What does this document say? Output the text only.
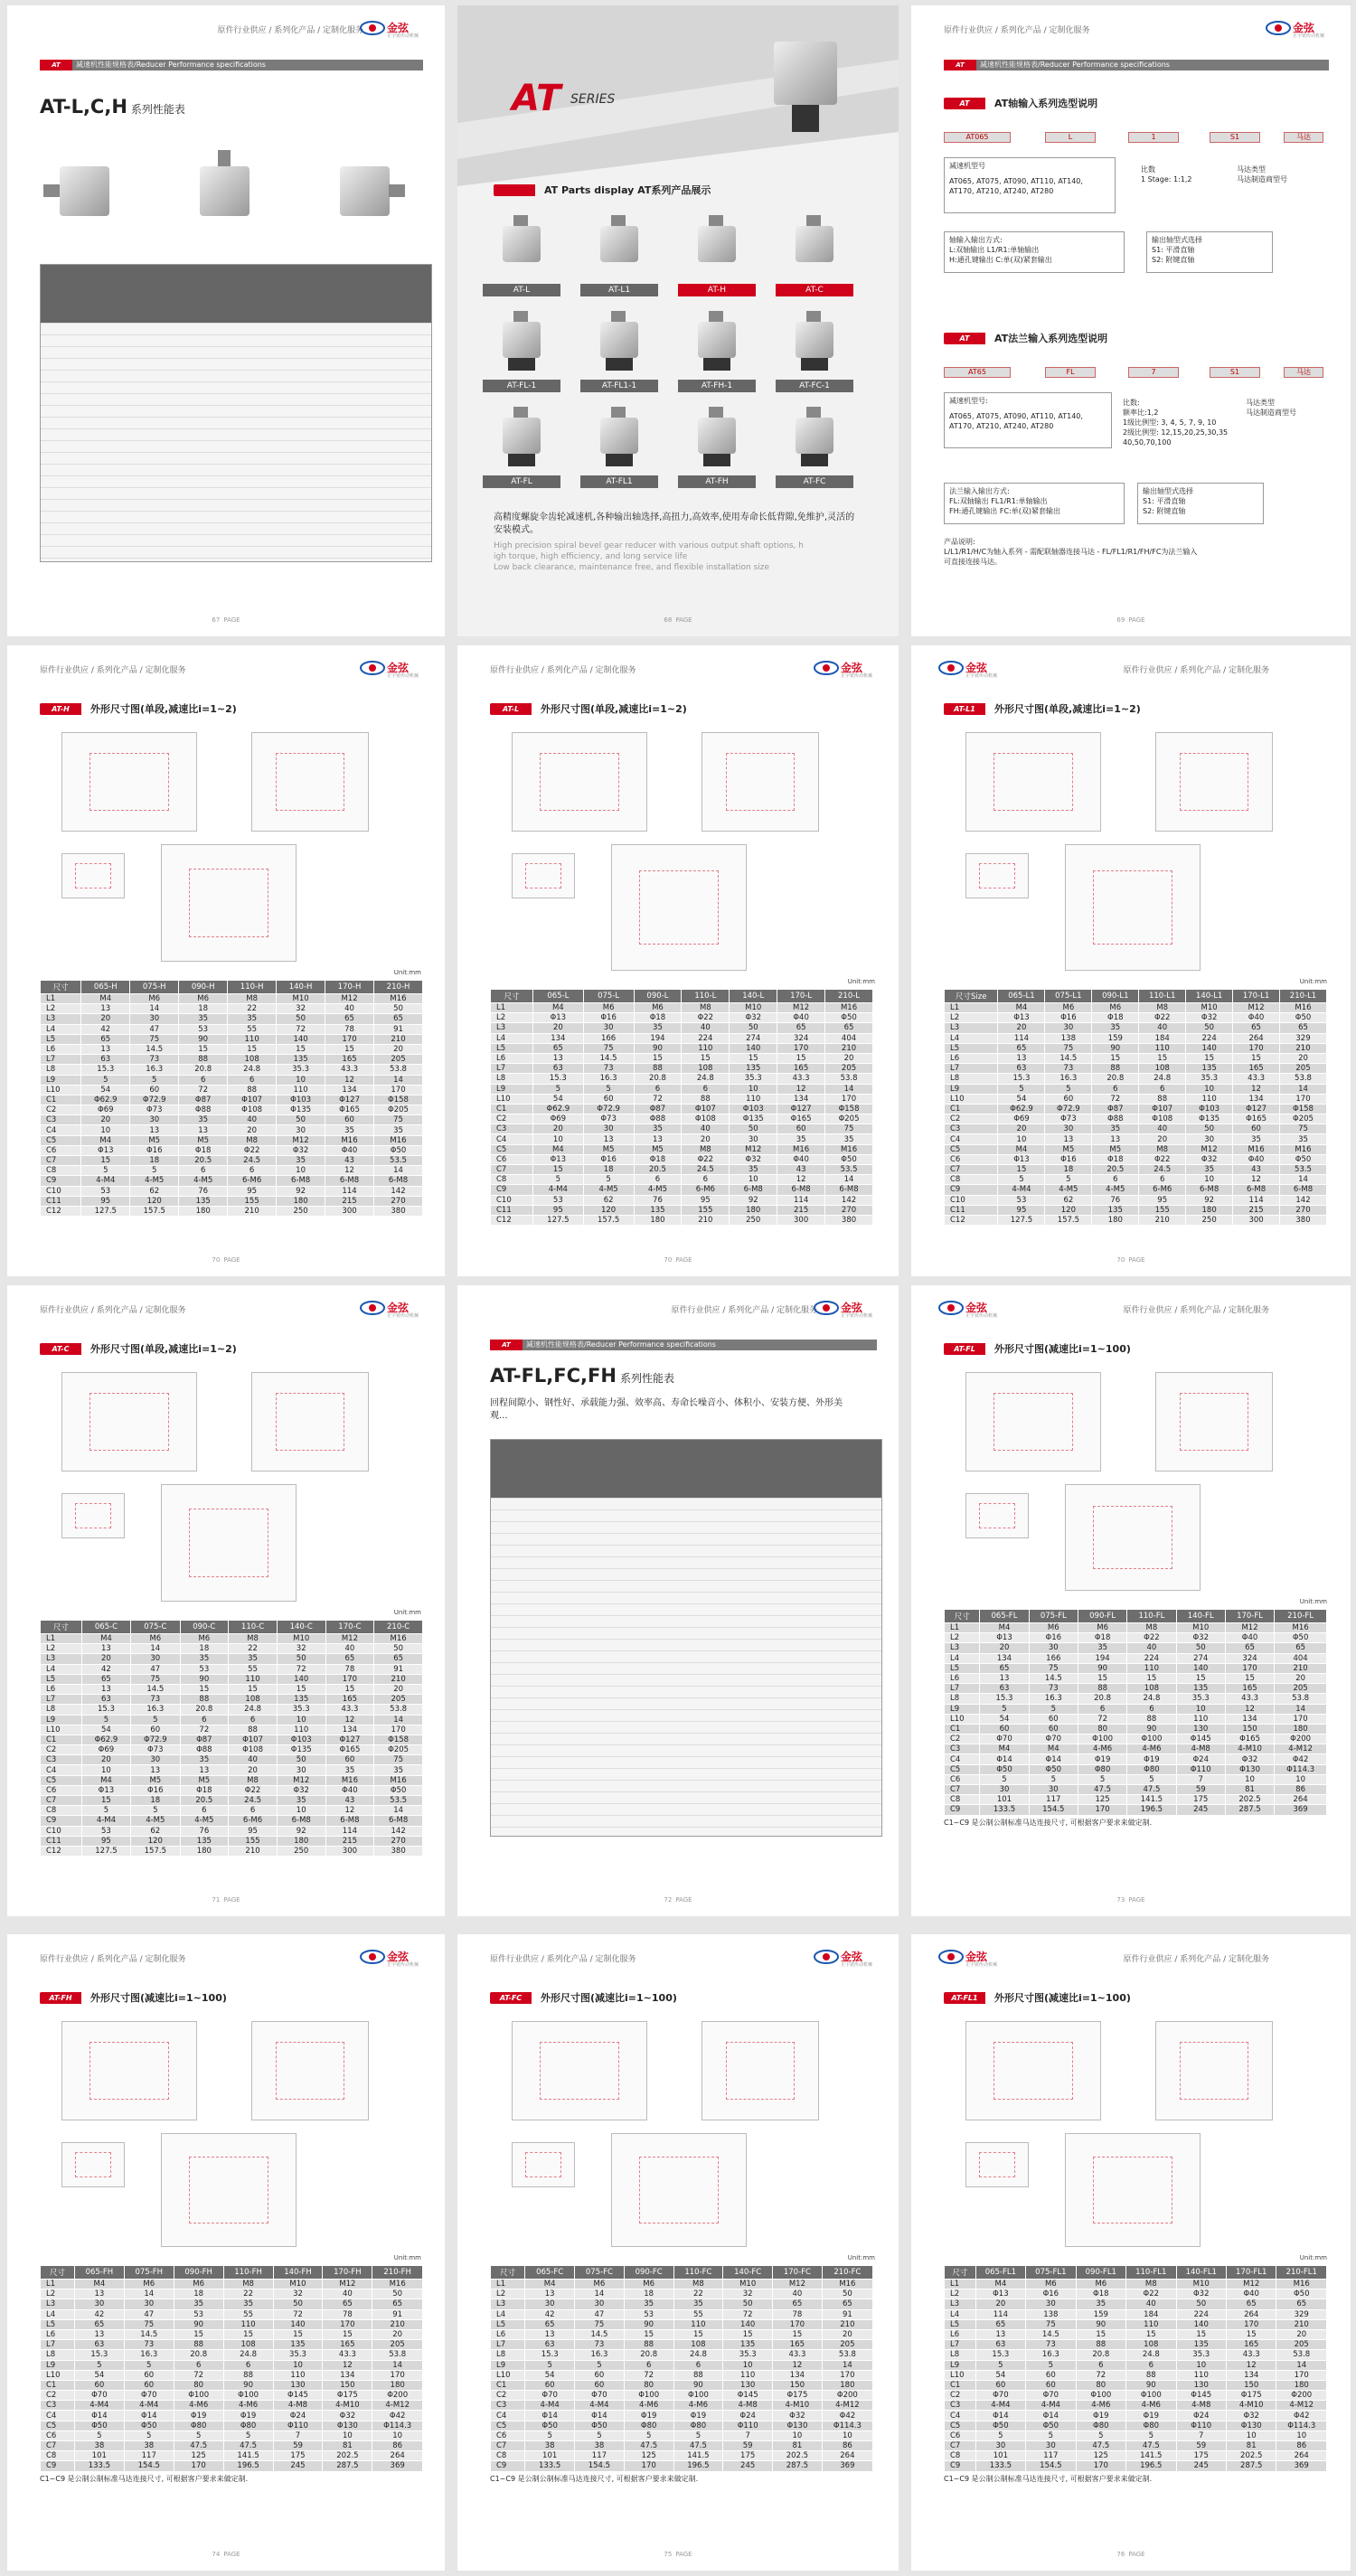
原件行业供应 / 系列化产品 / 定制化服务 金弦
正宇铣传动机械
AT	减速机性能规格表/Reducer Performance specifications
AT-L,C,H 系列性能表
67 PAGE
AT SERIES
AT Parts display AT系列产品展示
AT-L	AT-L1	AT-H	AT-C
AT-FL-1	AT-FL1-1	AT-FH-1	AT-FC-1
AT-FL	AT-FL1	AT-FH	AT-FC
高精度螺旋伞齿轮减速机,各种输出轴选择,高扭力,高效率,使用寿命长低背隙,免维护,灵活的安装模式。
High precision spiral bevel gear reducer with various output shaft options, h
igh torque, high efficiency, and long service life
Low back clearance, maintenance free, and flexible installation size
68 PAGE
原件行业供应 / 系列化产品 / 定制化服务	金弦
正宇铣传动机械
AT	减速机性能规格表/Reducer Performance specifications
AT	AT轴输入系列选型说明
AT065	L	1	S1	马达
减速机型号
AT065, AT075, AT090, AT110, AT140, AT170, AT210, AT240, AT280
比数
1 Stage: 1:1,2
马达类型
马达制造商型号
轴输入输出方式:
L:双轴输出 L1/R1:单轴输出
H:通孔键输出 C:单(双)紧套输出
输出轴型式选择
S1: 平滑直轴
S2: 附键直轴
AT	AT法兰输入系列选型说明
AT65	FL	7	S1	马达
减速机型号:
AT065, AT075, AT090, AT110, AT140, AT170, AT210, AT240, AT280
比数:
额率比:1,2
1级比例型: 3, 4, 5, 7, 9, 10
2级比例型: 12,15,20,25,30,35 40,50,70,100
马达类型
马达制造商型号
法兰输入输出方式:
FL:双轴输出 FL1/R1:单轴输出
FH:通孔键输出 FC:单(双)紧套输出
输出轴型式选择
S1: 平滑直轴
S2: 附键直轴
产品说明:
L/L1/R1/H/C为轴入系列 - 需配联轴器连接马达 - FL/FL1/R1/FH/FC为法兰输入
可直接连接马达。
69 PAGE
原件行业供应 / 系列化产品 / 定制化服务	金弦
正宇铣传动机械
AT-H	外形尺寸图(单段,减速比i=1~2)
Unit:mm
尺寸	065-H	075-H	090-H	110-H	140-H	170-H	210-H
L1	M4	M6	M6	M8	M10	M12	M16
L2	13	14	18	22	32	40	50
L3	20	30	35	35	50	65	65
L4	42	47	53	55	72	78	91
L5	65	75	90	110	140	170	210
L6	13	14.5	15	15	15	15	20
L7	63	73	88	108	135	165	205
L8	15.3	16.3	20.8	24.8	35.3	43.3	53.8
L9	5	5	6	6	10	12	14
L10	54	60	72	88	110	134	170
C1	Φ62.9	Φ72.9	Φ87	Φ107	Φ103	Φ127	Φ158
C2	Φ69	Φ73	Φ88	Φ108	Φ135	Φ165	Φ205
C3	20	30	35	40	50	60	75
C4	10	13	13	20	30	35	35
C5	M4	M5	M5	M8	M12	M16	M16
C6	Φ13	Φ16	Φ18	Φ22	Φ32	Φ40	Φ50
C7	15	18	20.5	24.5	35	43	53.5
C8	5	5	6	6	10	12	14
C9	4-M4	4-M5	4-M5	6-M6	6-M8	6-M8	6-M8
C10	53	62	76	95	92	114	142
C11	95	120	135	155	180	215	270
C12	127.5	157.5	180	210	250	300	380
70 PAGE
原件行业供应 / 系列化产品 / 定制化服务	金弦
正宇铣传动机械
AT-L	外形尺寸图(单段,减速比i=1~2)
Unit:mm
尺寸	065-L	075-L	090-L	110-L	140-L	170-L	210-L
L1	M4	M6	M6	M8	M10	M12	M16
L2	Φ13	Φ16	Φ18	Φ22	Φ32	Φ40	Φ50
L3	20	30	35	40	50	65	65
L4	134	166	194	224	274	324	404
L5	65	75	90	110	140	170	210
L6	13	14.5	15	15	15	15	20
L7	63	73	88	108	135	165	205
L8	15.3	16.3	20.8	24.8	35.3	43.3	53.8
L9	5	5	6	6	10	12	14
L10	54	60	72	88	110	134	170
C1	Φ62.9	Φ72.9	Φ87	Φ107	Φ103	Φ127	Φ158
C2	Φ69	Φ73	Φ88	Φ108	Φ135	Φ165	Φ205
C3	20	30	35	40	50	60	75
C4	10	13	13	20	30	35	35
C5	M4	M5	M5	M8	M12	M16	M16
C6	Φ13	Φ16	Φ18	Φ22	Φ32	Φ40	Φ50
C7	15	18	20.5	24.5	35	43	53.5
C8	5	5	6	6	10	12	14
C9	4-M4	4-M5	4-M5	6-M6	6-M8	6-M8	6-M8
C10	53	62	76	95	92	114	142
C11	95	120	135	155	180	215	270
C12	127.5	157.5	180	210	250	300	380
70 PAGE
原件行业供应 / 系列化产品 / 定制化服务
金弦
正宇铣传动机械
AT-L1	外形尺寸图(单段,减速比i=1~2)
Unit:mm
尺寸Size	065-L1	075-L1	090-L1	110-L1	140-L1	170-L1	210-L1
L1	M4	M6	M6	M8	M10	M12	M16
L2	Φ13	Φ16	Φ18	Φ22	Φ32	Φ40	Φ50
L3	20	30	35	40	50	65	65
L4	114	138	159	184	224	264	329
L5	65	75	90	110	140	170	210
L6	13	14.5	15	15	15	15	20
L7	63	73	88	108	135	165	205
L8	15.3	16.3	20.8	24.8	35.3	43.3	53.8
L9	5	5	6	6	10	12	14
L10	54	60	72	88	110	134	170
C1	Φ62.9	Φ72.9	Φ87	Φ107	Φ103	Φ127	Φ158
C2	Φ69	Φ73	Φ88	Φ108	Φ135	Φ165	Φ205
C3	20	30	35	40	50	60	75
C4	10	13	13	20	30	35	35
C5	M4	M5	M5	M8	M12	M16	M16
C6	Φ13	Φ16	Φ18	Φ22	Φ32	Φ40	Φ50
C7	15	18	20.5	24.5	35	43	53.5
C8	5	5	6	6	10	12	14
C9	4-M4	4-M5	4-M5	6-M6	6-M8	6-M8	6-M8
C10	53	62	76	95	92	114	142
C11	95	120	135	155	180	215	270
C12	127.5	157.5	180	210	250	300	380
70 PAGE
原件行业供应 / 系列化产品 / 定制化服务	金弦
正宇铣传动机械
AT-C	外形尺寸图(单段,减速比i=1~2)
Unit:mm
尺寸	065-C	075-C	090-C	110-C	140-C	170-C	210-C
L1	M4	M6	M6	M8	M10	M12	M16
L2	13	14	18	22	32	40	50
L3	20	30	35	35	50	65	65
L4	42	47	53	55	72	78	91
L5	65	75	90	110	140	170	210
L6	13	14.5	15	15	15	15	20
L7	63	73	88	108	135	165	205
L8	15.3	16.3	20.8	24.8	35.3	43.3	53.8
L9	5	5	6	6	10	12	14
L10	54	60	72	88	110	134	170
C1	Φ62.9	Φ72.9	Φ87	Φ107	Φ103	Φ127	Φ158
C2	Φ69	Φ73	Φ88	Φ108	Φ135	Φ165	Φ205
C3	20	30	35	40	50	60	75
C4	10	13	13	20	30	35	35
C5	M4	M5	M5	M8	M12	M16	M16
C6	Φ13	Φ16	Φ18	Φ22	Φ32	Φ40	Φ50
C7	15	18	20.5	24.5	35	43	53.5
C8	5	5	6	6	10	12	14
C9	4-M4	4-M5	4-M5	6-M6	6-M8	6-M8	6-M8
C10	53	62	76	95	92	114	142
C11	95	120	135	155	180	215	270
C12	127.5	157.5	180	210	250	300	380
71 PAGE
原件行业供应 / 系列化产品 / 定制化服务 金弦
正宇铣传动机械
AT	减速机性能规格表/Reducer Performance specifications
AT-FL,FC,FH 系列性能表
回程间隙小、钢性好、承载能力强、效率高、寿命长噪音小、体积小、安装方便、外形美观...
72 PAGE
原件行业供应 / 系列化产品 / 定制化服务
金弦
正宇铣传动机械
AT-FL	外形尺寸图(减速比i=1~100)
Unit:mm
尺寸	065-FL	075-FL	090-FL	110-FL	140-FL	170-FL	210-FL
L1	M4	M6	M6	M8	M10	M12	M16
L2	Φ13	Φ16	Φ18	Φ22	Φ32	Φ40	Φ50
L3	20	30	35	40	50	65	65
L4	134	166	194	224	274	324	404
L5	65	75	90	110	140	170	210
L6	13	14.5	15	15	15	15	20
L7	63	73	88	108	135	165	205
L8	15.3	16.3	20.8	24.8	35.3	43.3	53.8
L9	5	5	6	6	10	12	14
L10	54	60	72	88	110	134	170
C1	60	60	80	90	130	150	180
C2	Φ70	Φ70	Φ100	Φ100	Φ145	Φ165	Φ200
C3	M4	M4	4-M6	4-M6	4-M8	4-M10	4-M12
C4	Φ14	Φ14	Φ19	Φ19	Φ24	Φ32	Φ42
C5	Φ50	Φ50	Φ80	Φ80	Φ110	Φ130	Φ114.3
C6	5	5	5	5	7	10	10
C7	30	30	47.5	47.5	59	81	86
C8	101	117	125	141.5	175	202.5	264
C9	133.5	154.5	170	196.5	245	287.5	369
C1~C9 是公制公制标准马达连接尺寸, 可根据客户要求来做定制.
73 PAGE
原件行业供应 / 系列化产品 / 定制化服务	金弦
正宇铣传动机械
AT-FH	外形尺寸图(减速比i=1~100)
Unit:mm
尺寸	065-FH	075-FH	090-FH	110-FH	140-FH	170-FH	210-FH
L1	M4	M6	M6	M8	M10	M12	M16
L2	13	14	18	22	32	40	50
L3	30	30	35	35	50	65	65
L4	42	47	53	55	72	78	91
L5	65	75	90	110	140	170	210
L6	13	14.5	15	15	15	15	20
L7	63	73	88	108	135	165	205
L8	15.3	16.3	20.8	24.8	35.3	43.3	53.8
L9	5	5	6	6	10	12	14
L10	54	60	72	88	110	134	170
C1	60	60	80	90	130	150	180
C2	Φ70	Φ70	Φ100	Φ100	Φ145	Φ175	Φ200
C3	4-M4	4-M4	4-M6	4-M6	4-M8	4-M10	4-M12
C4	Φ14	Φ14	Φ19	Φ19	Φ24	Φ32	Φ42
C5	Φ50	Φ50	Φ80	Φ80	Φ110	Φ130	Φ114.3
C6	5	5	5	5	7	10	10
C7	38	38	47.5	47.5	59	81	86
C8	101	117	125	141.5	175	202.5	264
C9	133.5	154.5	170	196.5	245	287.5	369
C1~C9 是公制公制标准马达连接尺寸, 可根据客户要求来做定制.
74 PAGE
原件行业供应 / 系列化产品 / 定制化服务	金弦
正宇铣传动机械
AT-FC	外形尺寸图(减速比i=1~100)
Unit:mm
尺寸	065-FC	075-FC	090-FC	110-FC	140-FC	170-FC	210-FC
L1	M4	M6	M6	M8	M10	M12	M16
L2	13	14	18	22	32	40	50
L3	30	30	35	35	50	65	65
L4	42	47	53	55	72	78	91
L5	65	75	90	110	140	170	210
L6	13	14.5	15	15	15	15	20
L7	63	73	88	108	135	165	205
L8	15.3	16.3	20.8	24.8	35.3	43.3	53.8
L9	5	5	6	6	10	12	14
L10	54	60	72	88	110	134	170
C1	60	60	80	90	130	150	180
C2	Φ70	Φ70	Φ100	Φ100	Φ145	Φ175	Φ200
C3	4-M4	4-M4	4-M6	4-M6	4-M8	4-M10	4-M12
C4	Φ14	Φ14	Φ19	Φ19	Φ24	Φ32	Φ42
C5	Φ50	Φ50	Φ80	Φ80	Φ110	Φ130	Φ114.3
C6	5	5	5	5	7	10	10
C7	38	38	47.5	47.5	59	81	86
C8	101	117	125	141.5	175	202.5	264
C9	133.5	154.5	170	196.5	245	287.5	369
C1~C9 是公制公制标准马达连接尺寸, 可根据客户要求来做定制.
75 PAGE
原件行业供应 / 系列化产品 / 定制化服务
金弦
正宇铣传动机械
AT-FL1	外形尺寸图(减速比i=1~100)
Unit:mm
尺寸	065-FL1	075-FL1	090-FL1	110-FL1	140-FL1	170-FL1	210-FL1
L1	M4	M6	M6	M8	M10	M12	M16
L2	Φ13	Φ16	Φ18	Φ22	Φ32	Φ40	Φ50
L3	20	30	35	40	50	65	65
L4	114	138	159	184	224	264	329
L5	65	75	90	110	140	170	210
L6	13	14.5	15	15	15	15	20
L7	63	73	88	108	135	165	205
L8	15.3	16.3	20.8	24.8	35.3	43.3	53.8
L9	5	5	6	6	10	12	14
L10	54	60	72	88	110	134	170
C1	60	60	80	90	130	150	180
C2	Φ70	Φ70	Φ100	Φ100	Φ145	Φ175	Φ200
C3	4-M4	4-M4	4-M6	4-M6	4-M8	4-M10	4-M12
C4	Φ14	Φ14	Φ19	Φ19	Φ24	Φ32	Φ42
C5	Φ50	Φ50	Φ80	Φ80	Φ110	Φ130	Φ114.3
C6	5	5	5	5	7	10	10
C7	30	30	47.5	47.5	59	81	86
C8	101	117	125	141.5	175	202.5	264
C9	133.5	154.5	170	196.5	245	287.5	369
C1~C9 是公制公制标准马达连接尺寸, 可根据客户要求来做定制.
76 PAGE
